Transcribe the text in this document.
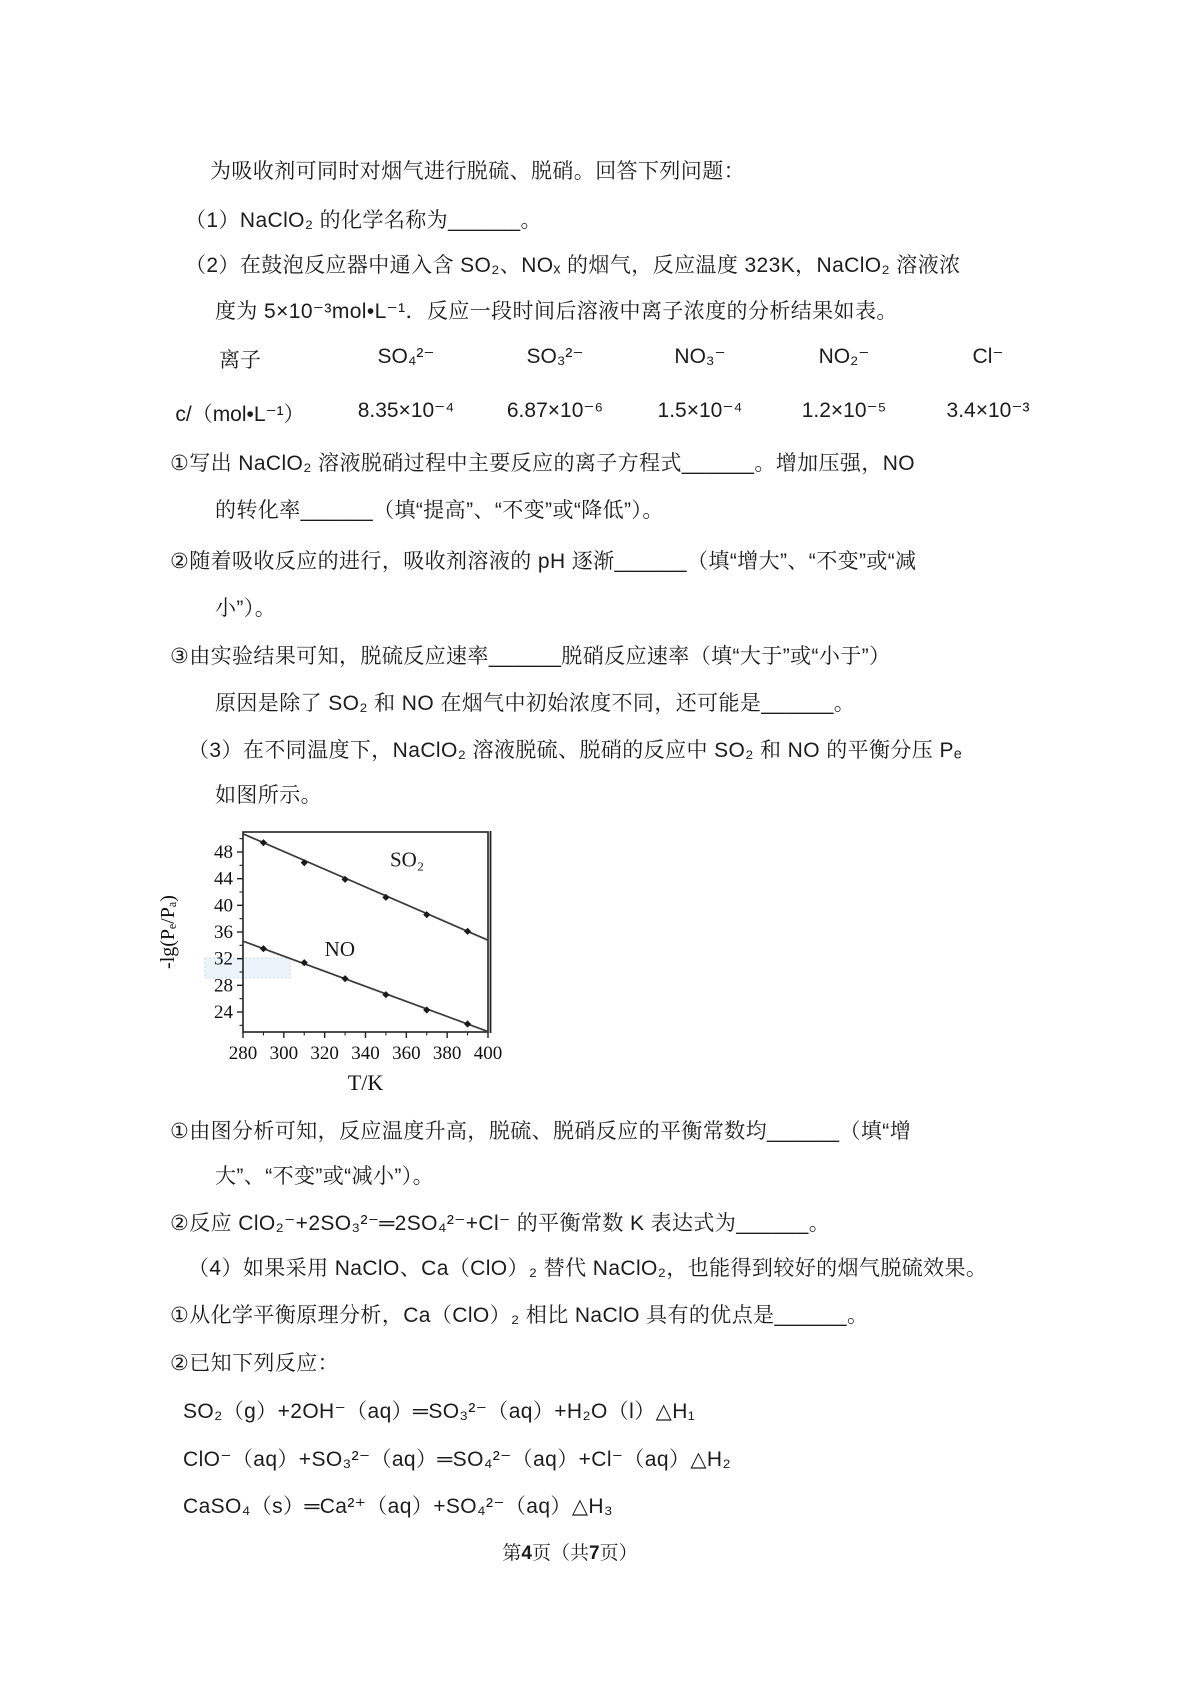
为吸收剂可同时对烟气进行脱硫、脱硝。回答下列问题：
（1）NaClO₂ 的化学名称为______。
（2）在鼓泡反应器中通入含 SO₂、NOₓ 的烟气，反应温度 323K，NaClO₂ 溶液浓
度为 5×10⁻³mol•L⁻¹．反应一段时间后溶液中离子浓度的分析结果如表。
离子	SO₄²⁻	SO₃²⁻	NO₃⁻	NO₂⁻	Cl⁻
c/（mol•L⁻¹）	8.35×10⁻⁴	6.87×10⁻⁶	1.5×10⁻⁴	1.2×10⁻⁵	3.4×10⁻³
①写出 NaClO₂ 溶液脱硝过程中主要反应的离子方程式______。增加压强，NO
的转化率______（填“提高”、“不变”或“降低”）。
②随着吸收反应的进行，吸收剂溶液的 pH 逐渐______（填“增大”、“不变”或“减
小”）。
③由实验结果可知，脱硫反应速率______脱硝反应速率（填“大于”或“小于”）
原因是除了 SO₂ 和 NO 在烟气中初始浓度不同，还可能是______。
（3）在不同温度下，NaClO₂ 溶液脱硫、脱硝的反应中 SO₂ 和 NO 的平衡分压 Pₑ
如图所示。
24
28
32
36
40
44
48
280 300 320 340 360 380 400
T/K
-lg(Pₑ/Pₐ)
SO₂
NO
①由图分析可知，反应温度升高，脱硫、脱硝反应的平衡常数均______（填“增
大”、“不变”或“减小”）。
②反应 ClO₂⁻+2SO₃²⁻═2SO₄²⁻+Cl⁻ 的平衡常数 K 表达式为______。
（4）如果采用 NaClO、Ca（ClO）₂ 替代 NaClO₂，也能得到较好的烟气脱硫效果。
①从化学平衡原理分析，Ca（ClO）₂ 相比 NaClO 具有的优点是______。
②已知下列反应：
SO₂（g）+2OH⁻（aq）═SO₃²⁻（aq）+H₂O（l）△H₁
ClO⁻（aq）+SO₃²⁻（aq）═SO₄²⁻（aq）+Cl⁻（aq）△H₂
CaSO₄（s）═Ca²⁺（aq）+SO₄²⁻（aq）△H₃
第4页（共7页）
